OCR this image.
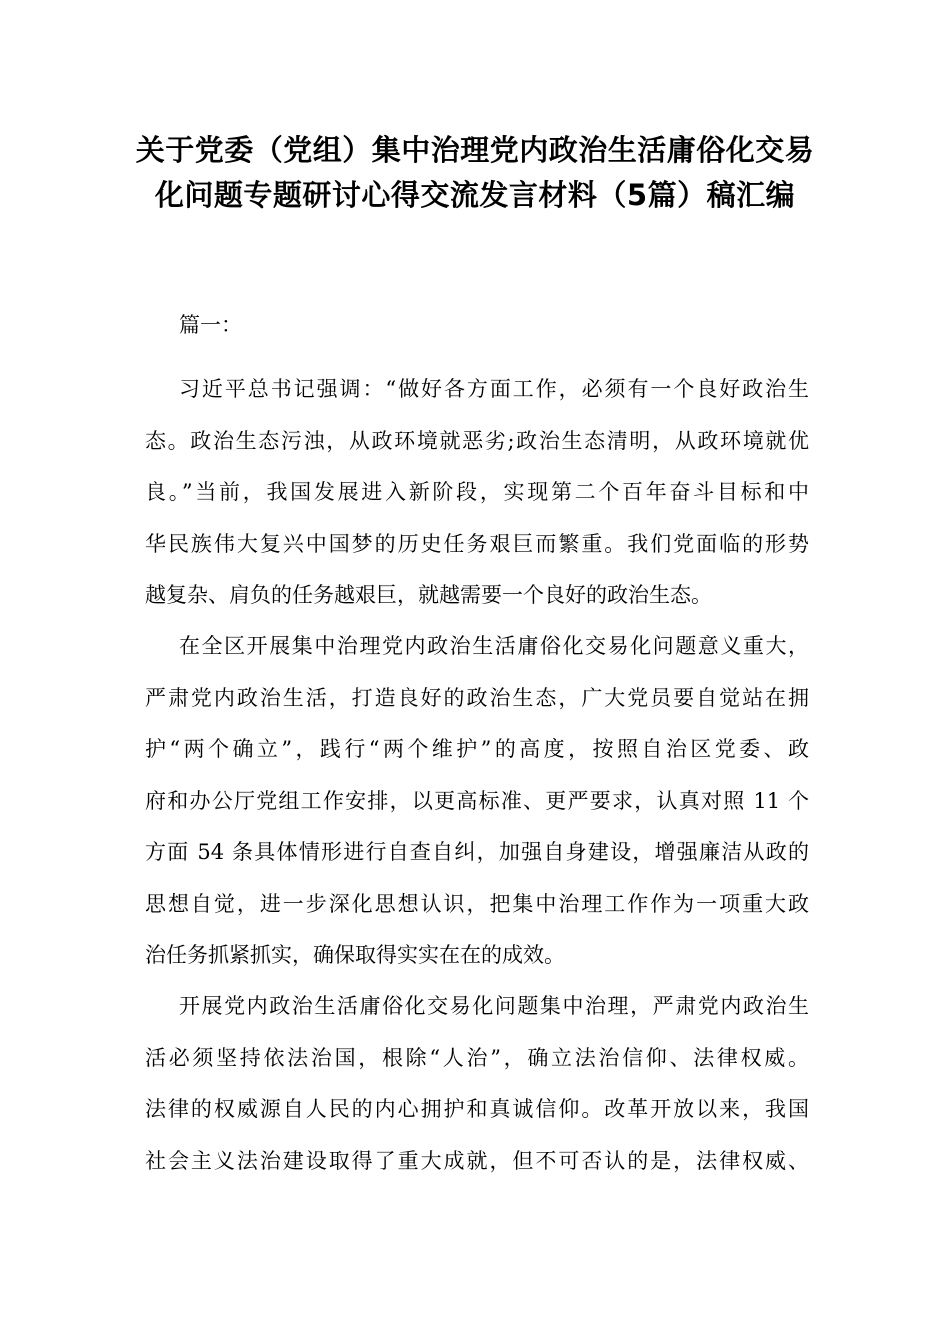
关于党委（党组）集中治理党内政治生活庸俗化交易
化问题专题研讨心得交流发言材料（5篇）稿汇编
篇一：

习近平总书记强调：“做好各方面工作，必须有一个良好政治生
态。政治生态污浊，从政环境就恶劣;政治生态清明，从政环境就优
良。”当前，我国发展进入新阶段，实现第二个百年奋斗目标和中
华民族伟大复兴中国梦的历史任务艰巨而繁重。我们党面临的形势
越复杂、肩负的任务越艰巨，就越需要一个良好的政治生态。

在全区开展集中治理党内政治生活庸俗化交易化问题意义重大，
严肃党内政治生活，打造良好的政治生态，广大党员要自觉站在拥
护“两个确立”，践行“两个维护”的高度，按照自治区党委、政
府和办公厅党组工作安排，以更高标准、更严要求，认真对照 11 个
方面 54 条具体情形进行自查自纠，加强自身建设，增强廉洁从政的
思想自觉，进一步深化思想认识，把集中治理工作作为一项重大政
治任务抓紧抓实，确保取得实实在在的成效。

开展党内政治生活庸俗化交易化问题集中治理，严肃党内政治生
活必须坚持依法治国，根除“人治”，确立法治信仰、法律权威。
法律的权威源自人民的内心拥护和真诚信仰。改革开放以来，我国
社会主义法治建设取得了重大成就，但不可否认的是，法律权威、
